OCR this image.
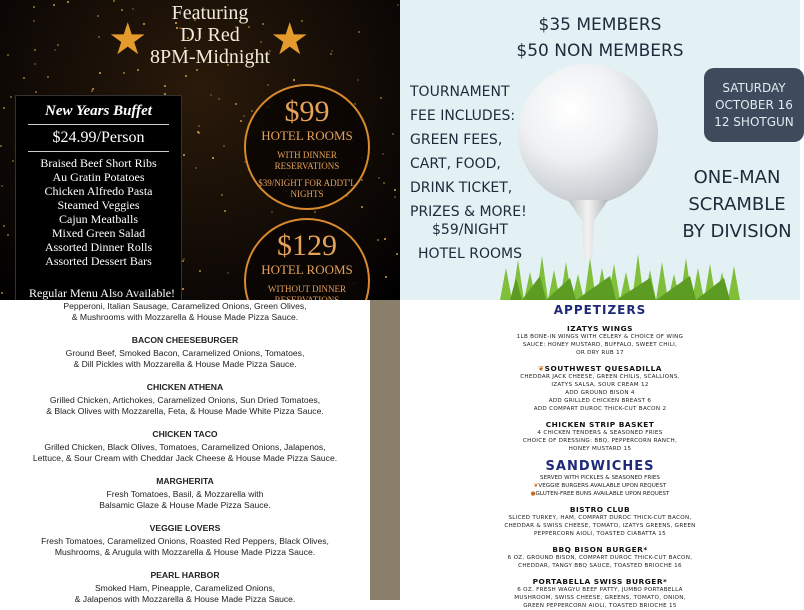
★	★
Featuring
DJ Red
8PM-Midnight
New Years Buffet
$24.99/Person
Braised Beef Short Ribs
Au Gratin Potatoes
Chicken Alfredo Pasta
Steamed Veggies
Cajun Meatballs
Mixed Green Salad
Assorted Dinner Rolls
Assorted Dessert Bars
Regular Menu Also Available!
$99
HOTEL ROOMS
WITH DINNER RESERVATIONS
$39/NIGHT FOR ADDT'L NIGHTS
$129
HOTEL ROOMS
WITHOUT DINNER
$35 MEMBERS
$50 NON MEMBERS
TOURNAMENT
FEE INCLUDES:
GREEN FEES,
CART, FOOD,
DRINK TICKET,
PRIZES & MORE!
$59/NIGHT
HOTEL ROOMS
SATURDAY
OCTOBER 16
12 SHOTGUN
ONE-MAN
SCRAMBLE
BY DIVISION
Pepperoni, Italian Sausage, Caramelized Onions, Green Olives,
& Mushrooms with Mozzarella & House Made Pizza Sauce.
BACON CHEESEBURGER
Ground Beef, Smoked Bacon, Caramelized Onions, Tomatoes,
& Dill Pickles with Mozzarella & House Made Pizza Sauce.
CHICKEN ATHENA
Grilled Chicken, Artichokes, Caramelized Onions, Sun Dried Tomatoes,
& Black Olives with Mozzarella, Feta, & House Made White Pizza Sauce.
CHICKEN TACO
Grilled Chicken, Black Olives, Tomatoes, Caramelized Onions, Jalapenos,
Lettuce, & Sour Cream with Cheddar Jack Cheese & House Made Pizza Sauce.
MARGHERITA
Fresh Tomatoes, Basil, & Mozzarella with
Balsamic Glaze & House Made Pizza Sauce.
VEGGIE LOVERS
Fresh Tomatoes, Caramelized Onions, Roasted Red Peppers, Black Olives,
Mushrooms, & Arugula with Mozzarella & House Made Pizza Sauce.
PEARL HARBOR
Smoked Ham, Pineapple, Caramelized Onions,
& Jalapenos with Mozzarella & House Made Pizza Sauce.
APPETIZERS
IZATYS WINGS
1LB BONE-IN WINGS WITH CELERY & CHOICE OF WING
SAUCE: HONEY MUSTARD, BUFFALO, SWEET CHILI,
OR DRY RUB 17
❦SOUTHWEST QUESADILLA
CHEDDAR JACK CHEESE, GREEN CHILIS, SCALLIONS,
IZATYS SALSA, SOUR CREAM 12
ADD GROUND BISON 4
ADD GRILLED CHICKEN BREAST 6
ADD COMPART DUROC THICK-CUT BACON 2
CHICKEN STRIP BASKET
4 CHICKEN TENDERS & SEASONED FRIES
CHOICE OF DRESSING: BBQ, PEPPERCORN RANCH,
HONEY MUSTARD 15
SANDWICHES
SERVED WITH PICKLES & SEASONED FRIES
❦VEGGIE BURGERS AVAILABLE UPON REQUEST
●GLUTEN-FREE BUNS AVAILABLE UPON REQUEST
BISTRO CLUB
SLICED TURKEY, HAM, COMPART DUROC THICK-CUT BACON,
CHEDDAR & SWISS CHEESE, TOMATO, IZATYS GREENS, GREEN
PEPPERCORN AIOLI, TOASTED CIABATTA 15
BBQ BISON BURGER*
6 OZ. GROUND BISON, COMPART DUROC THICK-CUT BACON,
CHEDDAR, TANGY BBQ SAUCE, TOASTED BRIOCHE 16
PORTABELLA SWISS BURGER*
6 OZ. FRESH WAGYU BEEF PATTY, JUMBO PORTABELLA
MUSHROOM, SWISS CHEESE, GREENS, TOMATO, ONION,
GREEN PEPPERCORN AIOLI, TOASTED BRIOCHE 15
